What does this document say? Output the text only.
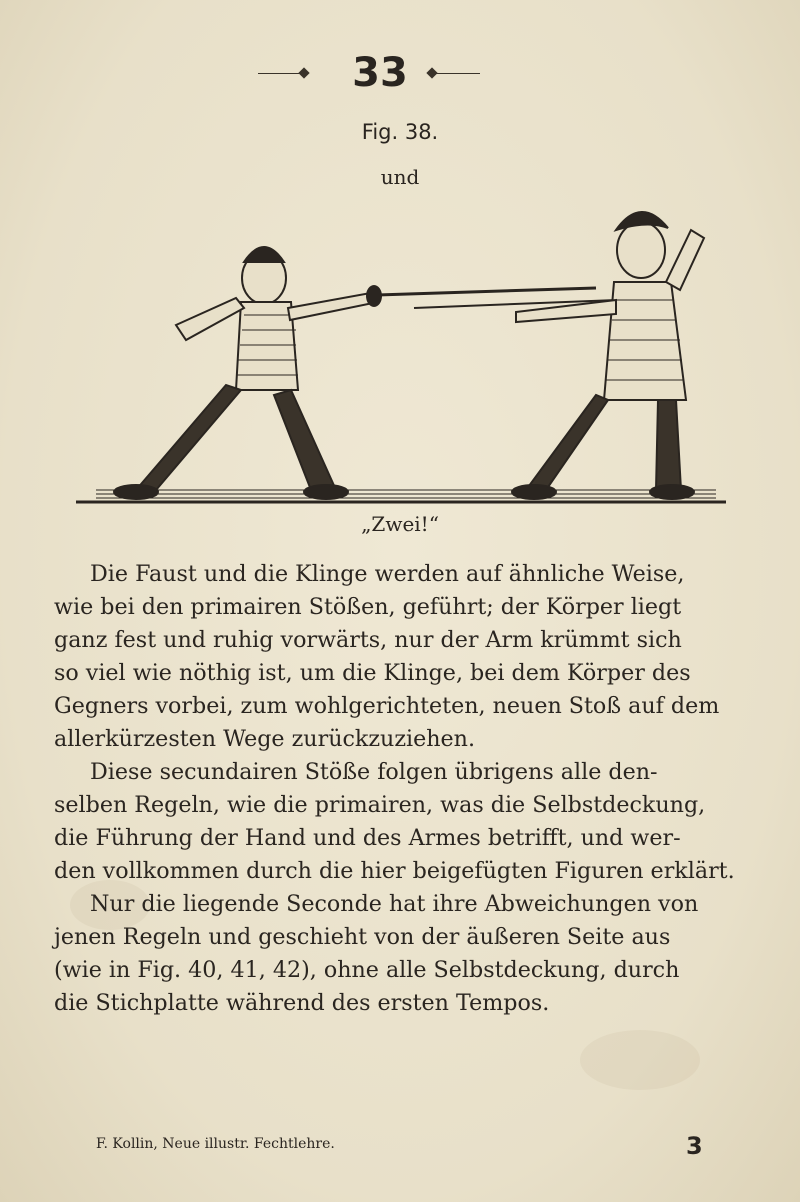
33
Fig. 38.
und
„Zwei!“

Die Faust und die Klinge werden auf ähnliche Weise,
wie bei den primairen Stößen, geführt; der Körper liegt
ganz fest und ruhig vorwärts, nur der Arm krümmt sich
so viel wie nöthig ist, um die Klinge, bei dem Körper des
Gegners vorbei, zum wohlgerichteten, neuen Stoß auf dem
allerkürzesten Wege zurückzuziehen.

Diese secundairen Stöße folgen übrigens alle den-
selben Regeln, wie die primairen, was die Selbstdeckung,
die Führung der Hand und des Armes betrifft, und wer-
den vollkommen durch die hier beigefügten Figuren erklärt.

Nur die liegende Seconde hat ihre Abweichungen von
jenen Regeln und geschieht von der äußeren Seite aus
(wie in Fig. 40, 41, 42), ohne alle Selbstdeckung, durch
die Stichplatte während des ersten Tempos.

F. Kollin, Neue illustr. Fechtlehre.	3
